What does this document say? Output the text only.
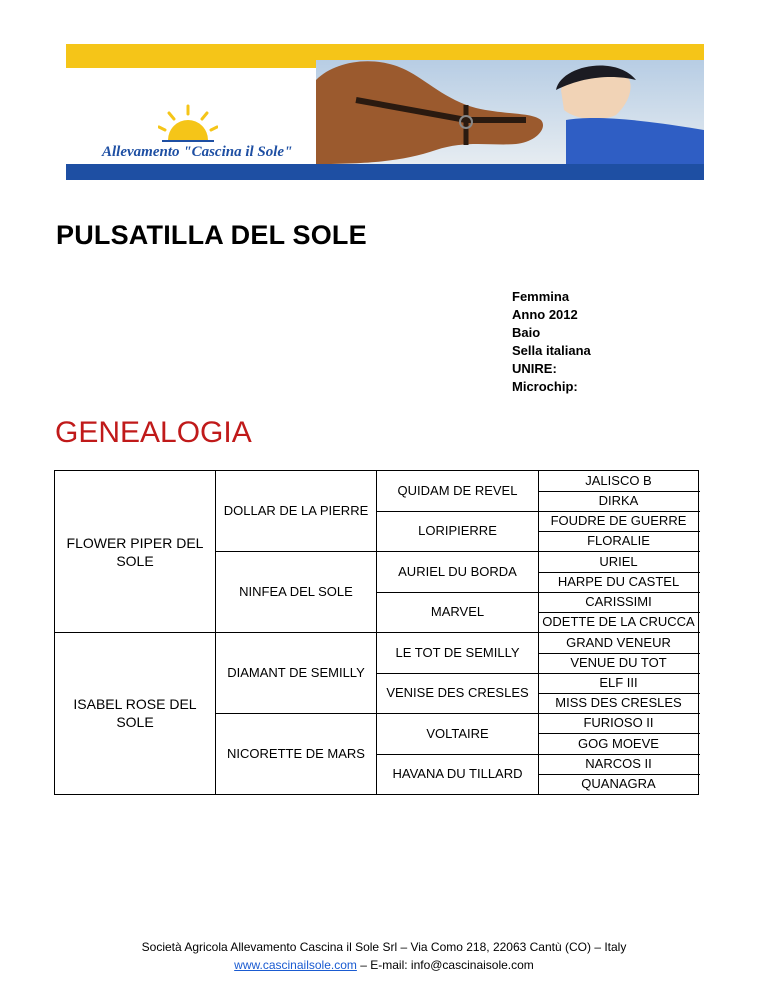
Allevamento "Cascina il Sole"
PULSATILLA DEL SOLE
Femmina
Anno 2012
Baio
Sella italiana
UNIRE:
Microchip:
GENEALOGIA
FLOWER PIPER DEL SOLE
ISABEL ROSE DEL SOLE
DOLLAR DE LA PIERRE
NINFEA DEL SOLE
DIAMANT DE SEMILLY
NICORETTE DE MARS
QUIDAM DE REVEL
LORIPIERRE
AURIEL DU BORDA
MARVEL
LE TOT DE SEMILLY
VENISE DES CRESLES
VOLTAIRE
HAVANA DU TILLARD
JALISCO B
DIRKA
FOUDRE DE GUERRE
FLORALIE
URIEL
HARPE DU CASTEL
CARISSIMI
ODETTE DE LA CRUCCA
GRAND VENEUR
VENUE DU TOT
ELF III
MISS DES CRESLES
FURIOSO II
GOG MOEVE
NARCOS II
QUANAGRA
Società Agricola Allevamento Cascina il Sole Srl – Via Como 218, 22063 Cantù (CO) – Italy
www.cascinailsole.com – E-mail: info@cascinaisole.com
